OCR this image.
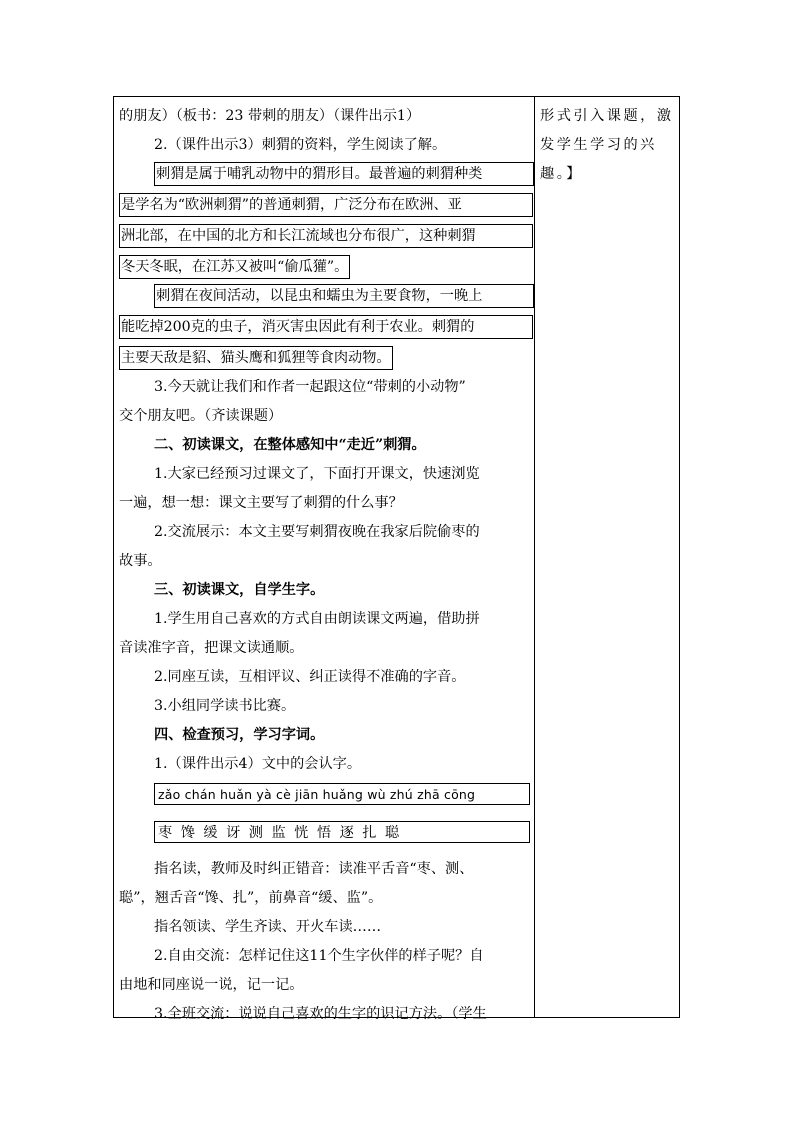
的朋友）（板书：23 带刺的朋友）（课件出示1）
2.（课件出示3）刺猬的资料，学生阅读了解。
刺猬是属于哺乳动物中的猬形目。最普遍的刺猬种类
是学名为“欧洲刺猬”的普通刺猬，广泛分布在欧洲、亚
洲北部，在中国的北方和长江流域也分布很广，这种刺猬
冬天冬眠，在江苏又被叫“偷瓜獾”。
刺猬在夜间活动，以昆虫和蠕虫为主要食物，一晚上
能吃掉200克的虫子，消灭害虫因此有利于农业。刺猬的
主要天敌是貂、猫头鹰和狐狸等食肉动物。
3.今天就让我们和作者一起跟这位“带刺的小动物”
交个朋友吧。（齐读课题）
二、初读课文，在整体感知中“走近”刺猬。
1.大家已经预习过课文了，下面打开课文，快速浏览
一遍，想一想：课文主要写了刺猬的什么事？
2.交流展示：本文主要写刺猬夜晚在我家后院偷枣的
故事。
三、初读课文，自学生字。
1.学生用自己喜欢的方式自由朗读课文两遍，借助拼
音读准字音，把课文读通顺。
2.同座互读，互相评议、纠正读得不准确的字音。
3.小组同学读书比赛。
四、检查预习，学习字词。
1.（课件出示4）文中的会认字。
zǎo chán huǎn yà cè jiān huǎng wù zhú zhā cōng
枣 馋 缓 讶 测 监 恍 悟 逐 扎 聪
指名读，教师及时纠正错音：读准平舌音“枣、测、
聪”，翘舌音“馋、扎”，前鼻音“缓、监”。
指名领读、学生齐读、开火车读……
2.自由交流：怎样记住这11个生字伙伴的样子呢？自
由地和同座说一说，记一记。
3.全班交流：说说自己喜欢的生字的识记方法。（学生
形式引入课题，激
发学生学习的兴
趣。】
